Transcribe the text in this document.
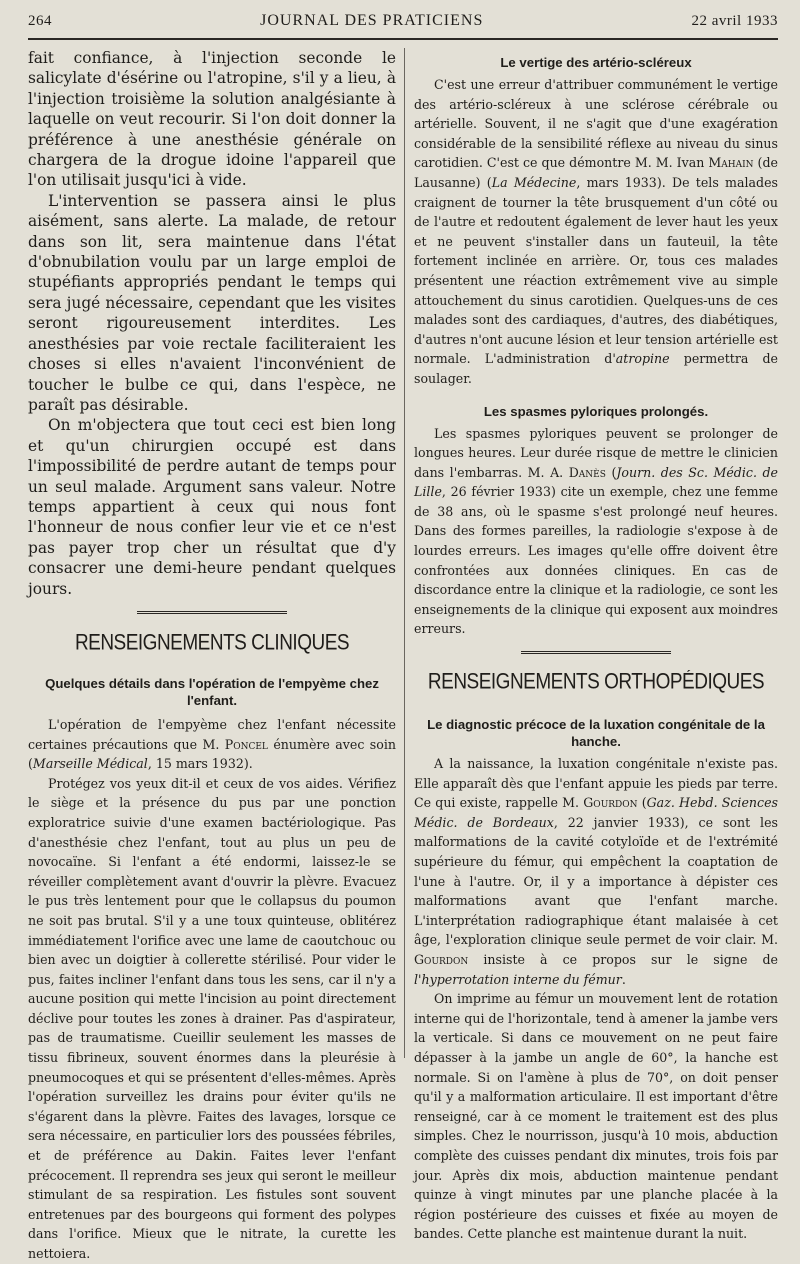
264	JOURNAL DES PRATICIENS	22 avril 1933

fait confiance, à l'injection seconde le salicylate d'ésérine ou l'atropine, s'il y a lieu, à l'injection troisième la solution analgésiante à laquelle on veut recourir. Si l'on doit donner la préférence à une anesthésie générale on chargera de la drogue idoine l'appareil que l'on utilisait jusqu'ici à vide.

L'intervention se passera ainsi le plus aisément, sans alerte. La malade, de retour dans son lit, sera maintenue dans l'état d'obnubilation voulu par un large emploi de stupéfiants appropriés pendant le temps qui sera jugé nécessaire, cependant que les visites seront rigoureusement interdites. Les anesthésies par voie rectale faciliteraient les choses si elles n'avaient l'inconvénient de toucher le bulbe ce qui, dans l'espèce, ne paraît pas désirable.

On m'objectera que tout ceci est bien long et qu'un chirurgien occupé est dans l'impossibilité de perdre autant de temps pour un seul malade. Argument sans valeur. Notre temps appartient à ceux qui nous font l'honneur de nous confier leur vie et ce n'est pas payer trop cher un résultat que d'y consacrer une demi-heure pendant quelques jours.

RENSEIGNEMENTS CLINIQUES
Quelques détails dans l'opération de l'empyème chez l'enfant.

L'opération de l'empyème chez l'enfant nécessite certaines précautions que M. Poncel énumère avec soin (Marseille Médical, 15 mars 1932).

Protégez vos yeux dit-il et ceux de vos aides. Vérifiez le siège et la présence du pus par une ponction exploratrice suivie d'une examen bactériologique. Pas d'anesthésie chez l'enfant, tout au plus un peu de novocaïne. Si l'enfant a été endormi, laissez-le se réveiller complètement avant d'ouvrir la plèvre. Evacuez le pus très lentement pour que le collapsus du poumon ne soit pas brutal. S'il y a une toux quinteuse, oblitérez immédiatement l'orifice avec une lame de caoutchouc ou bien avec un doigtier à collerette stérilisé. Pour vider le pus, faites incliner l'enfant dans tous les sens, car il n'y a aucune position qui mette l'incision au point directement déclive pour toutes les zones à drainer. Pas d'aspirateur, pas de traumatisme. Cueillir seulement les masses de tissu fibrineux, souvent énormes dans la pleurésie à pneumocoques et qui se présentent d'elles-mêmes. Après l'opération surveillez les drains pour éviter qu'ils ne s'égarent dans la plèvre. Faites des lavages, lorsque ce sera nécessaire, en particulier lors des poussées fébriles, et de préférence au Dakin. Faites lever l'enfant précocement. Il reprendra ses jeux qui seront le meilleur stimulant de sa respiration. Les fistules sont souvent entretenues par des bourgeons qui forment des polypes dans l'orifice. Mieux que le nitrate, la curette les nettoiera.

Le vertige des artério-scléreux

C'est une erreur d'attribuer communément le vertige des artério-scléreux à une sclérose cérébrale ou artérielle. Souvent, il ne s'agit que d'une exagération considérable de la sensibilité réflexe au niveau du sinus carotidien. C'est ce que démontre M. M. Ivan Mahain (de Lausanne) (La Médecine, mars 1933). De tels malades craignent de tourner la tête brusquement d'un côté ou de l'autre et redoutent également de lever haut les yeux et ne peuvent s'installer dans un fauteuil, la tête fortement inclinée en arrière. Or, tous ces malades présentent une réaction extrêmement vive au simple attouchement du sinus carotidien. Quelques-uns de ces malades sont des cardiaques, d'autres, des diabétiques, d'autres n'ont aucune lésion et leur tension artérielle est normale. L'administration d'atropine permettra de soulager.

Les spasmes pyloriques prolongés.

Les spasmes pyloriques peuvent se prolonger de longues heures. Leur durée risque de mettre le clinicien dans l'embarras. M. A. Danès (Journ. des Sc. Médic. de Lille, 26 février 1933) cite un exemple, chez une femme de 38 ans, où le spasme s'est prolongé neuf heures. Dans des formes pareilles, la radiologie s'expose à de lourdes erreurs. Les images qu'elle offre doivent être confrontées aux données cliniques. En cas de discordance entre la clinique et la radiologie, ce sont les enseignements de la clinique qui exposent aux moindres erreurs.

RENSEIGNEMENTS ORTHOPÉDIQUES
Le diagnostic précoce de la luxation congénitale de la hanche.

A la naissance, la luxation congénitale n'existe pas. Elle apparaît dès que l'enfant appuie les pieds par terre. Ce qui existe, rappelle M. Gourdon (Gaz. Hebd. Sciences Médic. de Bordeaux, 22 janvier 1933), ce sont les malformations de la cavité cotyloïde et de l'extrémité supérieure du fémur, qui empêchent la coaptation de l'une à l'autre. Or, il y a importance à dépister ces malformations avant que l'enfant marche. L'interprétation radiographique étant malaisée à cet âge, l'exploration clinique seule permet de voir clair. M. Gourdon insiste à ce propos sur le signe de l'hyperrotation interne du fémur.

On imprime au fémur un mouvement lent de rotation interne qui de l'horizontale, tend à amener la jambe vers la verticale. Si dans ce mouvement on ne peut faire dépasser à la jambe un angle de 60°, la hanche est normale. Si on l'amène à plus de 70°, on doit penser qu'il y a malformation articulaire. Il est important d'être renseigné, car à ce moment le traitement est des plus simples. Chez le nourrisson, jusqu'à 10 mois, abduction complète des cuisses pendant dix minutes, trois fois par jour. Après dix mois, abduction maintenue pendant quinze à vingt minutes par une planche placée à la région postérieure des cuisses et fixée au moyen de bandes. Cette planche est maintenue durant la nuit.
